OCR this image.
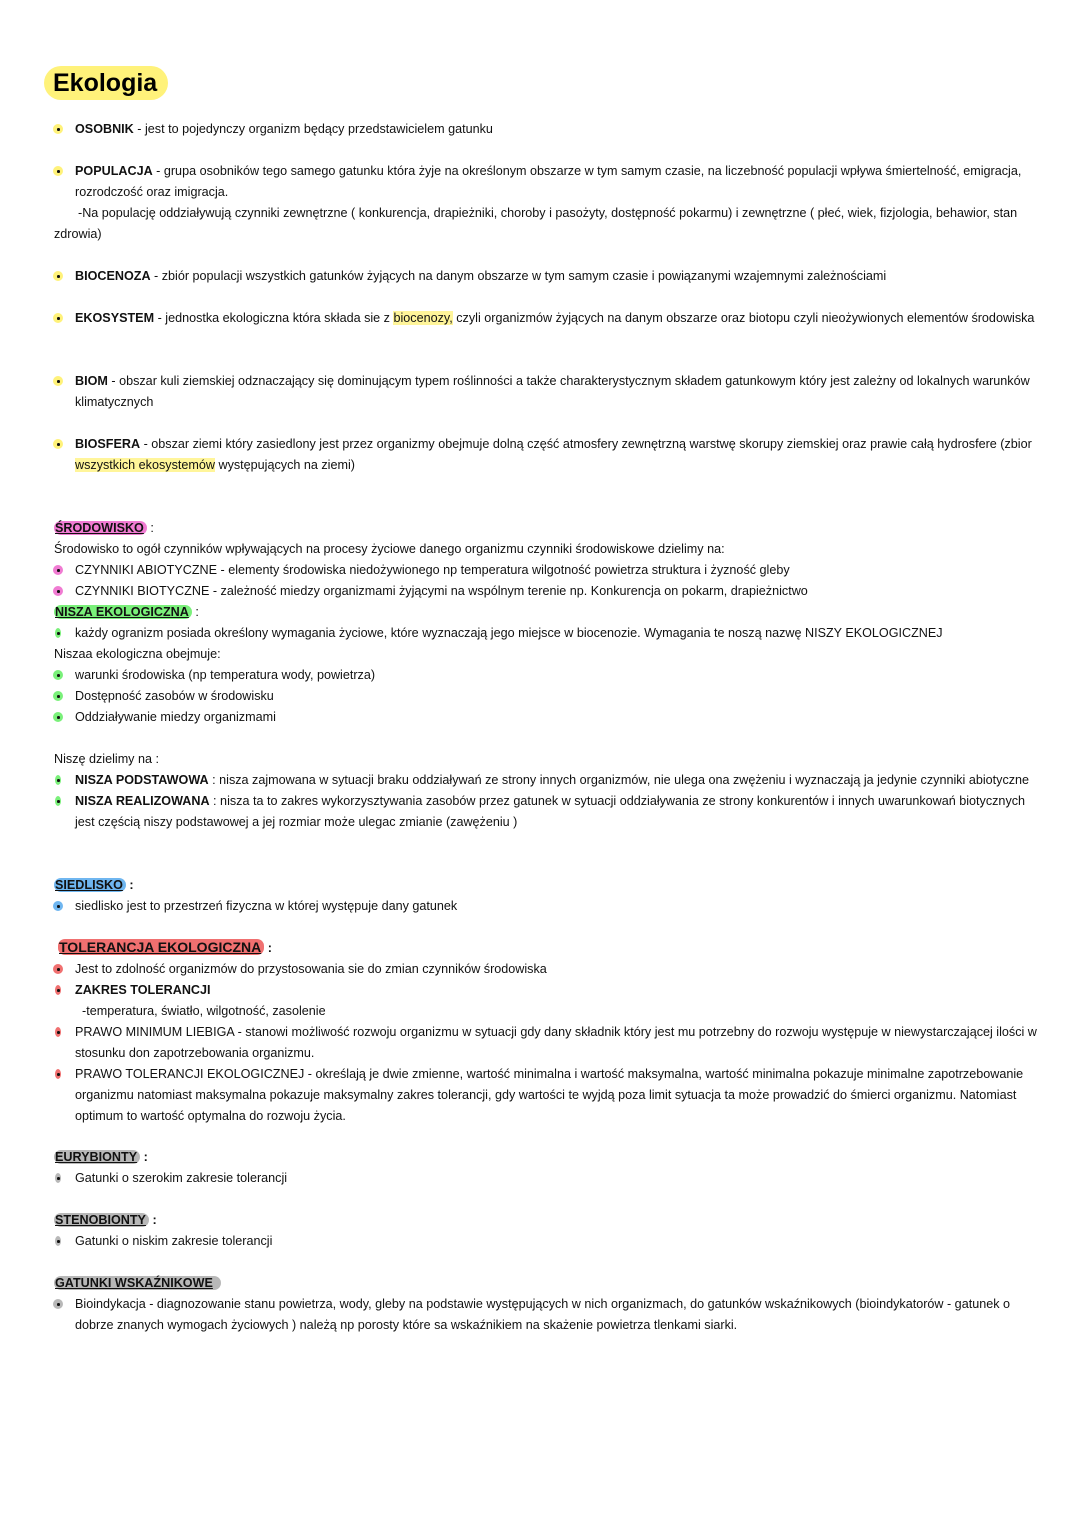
Ekologia
OSOBNIK - jest to pojedynczy organizm będący przedstawicielem gatunku
POPULACJA - grupa osobników tego samego gatunku która żyje na określonym obszarze w tym samym czasie, na liczebność populacji wpływa śmiertelność, emigracja, rozrodczość oraz imigracja.
-Na populację oddziaływują czynniki zewnętrzne ( konkurencja, drapieżniki, choroby i pasożyty, dostępność pokarmu) i zewnętrzne ( płeć, wiek, fizjologia, behawior, stan zdrowia)
BIOCENOZA - zbiór populacji wszystkich gatunków żyjących na danym obszarze w tym samym czasie i powiązanymi wzajemnymi zależnościami
EKOSYSTEM - jednostka ekologiczna która składa sie z biocenozy, czyli organizmów żyjących na danym obszarze oraz biotopu czyli nieożywionych elementów środowiska
BIOM - obszar kuli ziemskiej odznaczający się dominującym typem roślinności a także charakterystycznym składem gatunkowym który jest zależny od lokalnych warunków klimatycznych
BIOSFERA - obszar ziemi który zasiedlony jest przez organizmy obejmuje dolną część atmosfery zewnętrzną warstwę skorupy ziemskiej oraz prawie całą hydrosfere (zbior wszystkich ekosystemów występujących na ziemi)
ŚRODOWISKO :
Środowisko to ogół czynników wpływających na procesy życiowe danego organizmu czynniki środowiskowe dzielimy na:
CZYNNIKI ABIOTYCZNE - elementy środowiska niedożywionego np temperatura wilgotność powietrza struktura i żyzność gleby
CZYNNIKI BIOTYCZNE - zależność miedzy organizmami żyjącymi na wspólnym terenie np. Konkurencja on pokarm, drapieżnictwo
NISZA EKOLOGICZNA :
każdy ogranizm posiada określony wymagania życiowe, które wyznaczają jego miejsce w biocenozie. Wymagania te noszą nazwę NISZY EKOLOGICZNEJ
Niszaa ekologiczna obejmuje:
warunki środowiska (np temperatura wody, powietrza)
Dostępność zasobów w środowisku
Oddziaływanie miedzy organizmami
Niszę dzielimy na :
NISZA PODSTAWOWA : nisza zajmowana w sytuacji braku oddziaływań ze strony innych organizmów, nie ulega ona zwężeniu i wyznaczają ja jedynie czynniki abiotyczne
NISZA REALIZOWANA : nisza ta to zakres wykorzysztywania zasobów przez gatunek w sytuacji oddziaływania ze strony konkurentów i innych uwarunkowań biotycznych jest częścią niszy podstawowej a jej rozmiar może ulegac zmianie (zawężeniu )
SIEDLISKO :
siedlisko jest to przestrzeń fizyczna w której występuje dany gatunek
TOLERANCJA EKOLOGICZNA :
Jest to zdolność organizmów do przystosowania sie do zmian czynników środowiska
ZAKRES TOLERANCJI
-temperatura, światło, wilgotność, zasolenie
PRAWO MINIMUM LIEBIGA - stanowi możliwość rozwoju organizmu w sytuacji gdy dany składnik który jest mu potrzebny do rozwoju występuje w niewystarczającej ilości w stosunku don zapotrzebowania organizmu.
PRAWO TOLERANCJI EKOLOGICZNEJ - określają je dwie zmienne, wartość minimalna i wartość maksymalna, wartość minimalna pokazuje minimalne zapotrzebowanie organizmu natomiast maksymalna pokazuje maksymalny zakres tolerancji, gdy wartości te wyjdą poza limit sytuacja ta może prowadzić do śmierci organizmu. Natomiast optimum to wartość optymalna do rozwoju życia.
EURYBIONTY :
Gatunki o szerokim zakresie tolerancji
STENOBIONTY :
Gatunki o niskim zakresie tolerancji
GATUNKI WSKAŹNIKOWE
Bioindykacja - diagnozowanie stanu powietrza, wody, gleby na podstawie występujących w nich organizmach, do gatunków wskaźnikowych (bioindykatorów - gatunek o dobrze znanych wymogach życiowych ) należą np porosty które sa wskaźnikiem na skażenie powietrza tlenkami siarki.
